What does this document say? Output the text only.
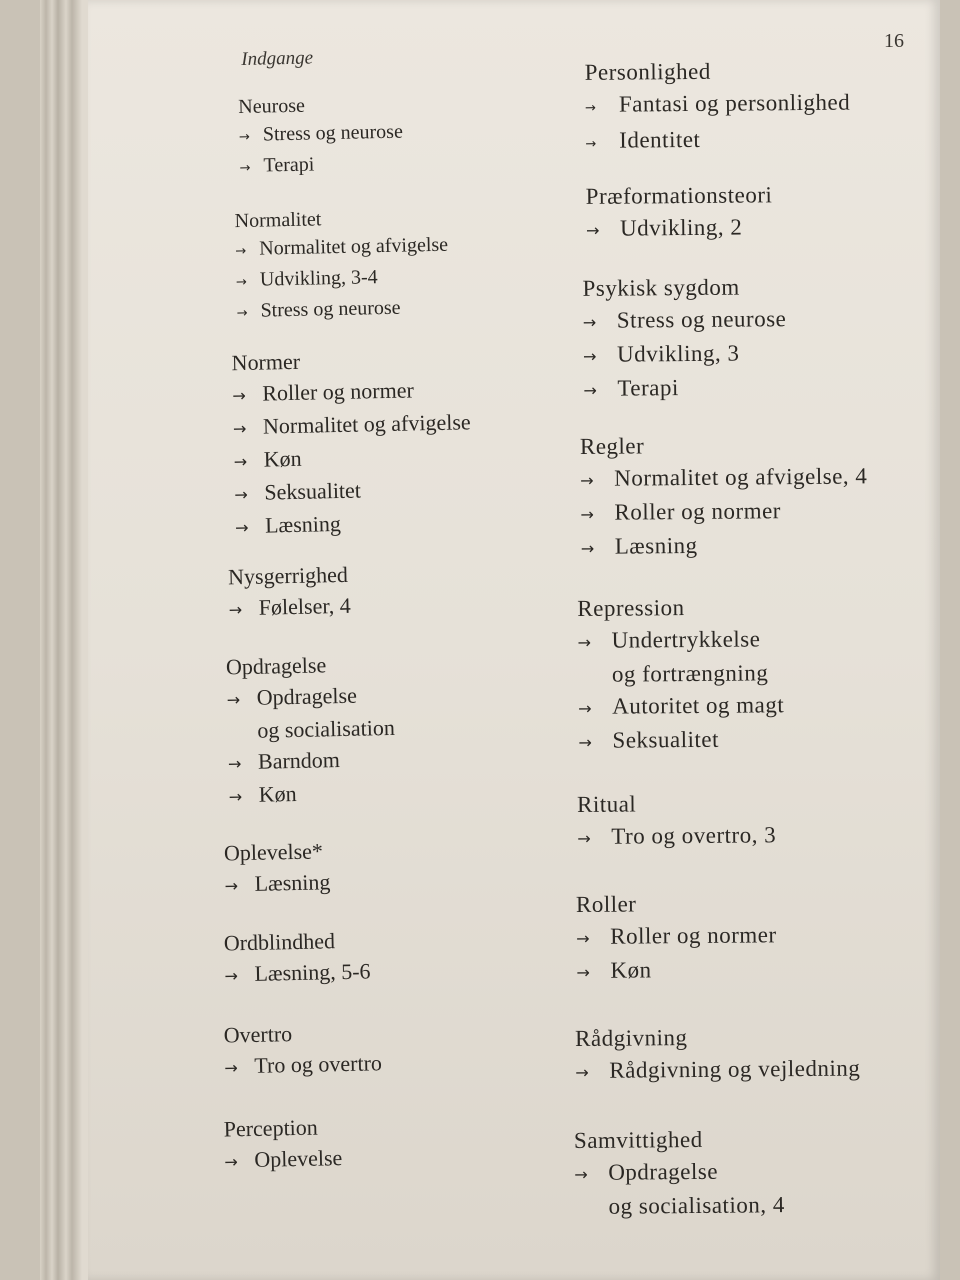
16
Indgange
Neurose
→ Stress og neurose
→ Terapi
Normalitet
→ Normalitet og afvigelse
→ Udvikling, 3-4
→ Stress og neurose
Normer
→ Roller og normer
→ Normalitet og afvigelse
→ Køn
→ Seksualitet
→ Læsning
Nysgerrighed
→ Følelser, 4
Opdragelse
→ Opdragelse
og socialisation
→ Barndom
→ Køn
Oplevelse*
→ Læsning
Ordblindhed
→ Læsning, 5-6
Overtro
→ Tro og overtro
Perception
→ Oplevelse
Personlighed
→ Fantasi og personlighed
→ Identitet
Præformationsteori
→ Udvikling, 2
Psykisk sygdom
→ Stress og neurose
→ Udvikling, 3
→ Terapi
Regler
→ Normalitet og afvigelse, 4
→ Roller og normer
→ Læsning
Repression
→ Undertrykkelse
og fortrængning
→ Autoritet og magt
→ Seksualitet
Ritual
→ Tro og overtro, 3
Roller
→ Roller og normer
→ Køn
Rådgivning
→ Rådgivning og vejledning
Samvittighed
→ Opdragelse
og socialisation, 4
